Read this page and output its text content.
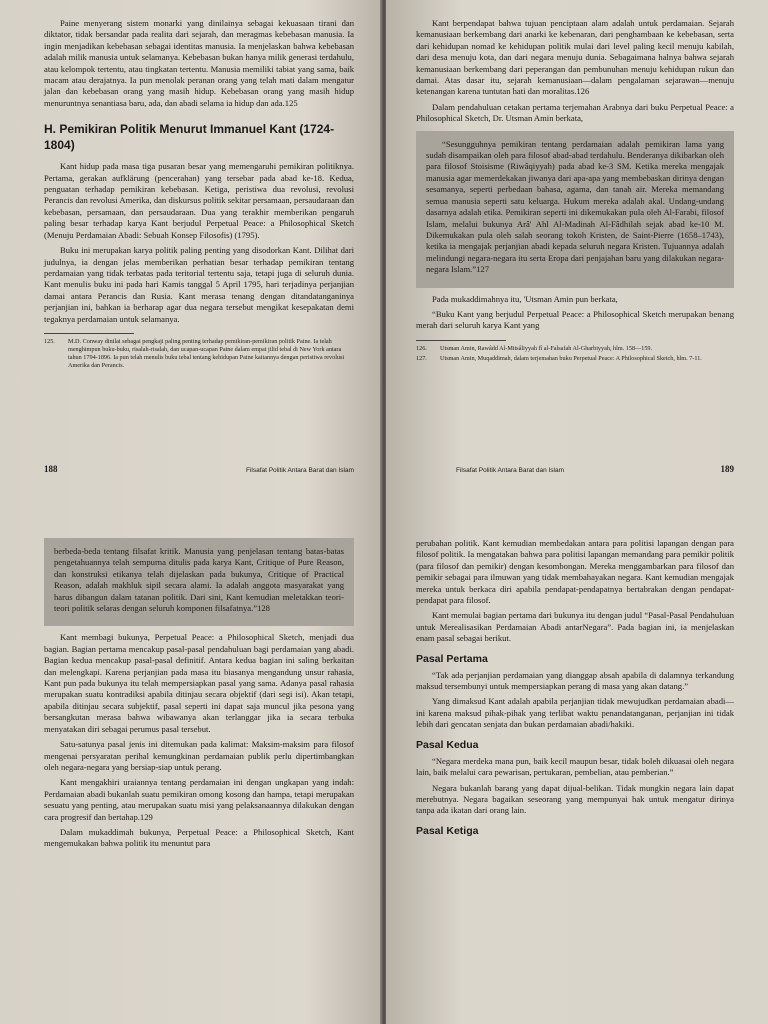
Paine menyerang sistem monarki yang dinilainya sebagai kekuasaan tirani dan diktator, tidak bersandar pada realita dari sejarah, dan meragmas kebebasan manusia. Ia ingin menjadikan kebebasan sebagai identitas manusia. Ia menjelaskan bahwa kebebasan adalah milik manusia untuk selamanya. Kebebasan bukan hanya milik generasi terdahulu, atau kelompok tertentu, atau tingkatan tertentu. Manusia memiliki tabiat yang sama, baik macam atau derajatnya. Ia pun menolak peranan orang yang telah mati dalam mengatur jalan dan kebebasan orang yang masih hidup. Kebebasan orang yang masih hidup menuruntnya senantiasa baru, ada, dan abadi selama ia hidup dan ada.125

H. Pemikiran Politik Menurut Immanuel Kant (1724-1804)

Kant hidup pada masa tiga pusaran besar yang memengaruhi pemikiran politiknya. Pertama, gerakan aufklärung (pencerahan) yang tersebar pada abad ke-18. Kedua, penguatan terhadap pemikiran kebebasan. Ketiga, peristiwa dua revolusi, revolusi Perancis dan revolusi Amerika, dan diskursus politik sekitar persamaan, persaudaraan dan kebebasan, persamaan, dan persaudaraan. Dua yang terakhir memberikan pengaruh paling besar terhadap karya Kant berjudul Perpetual Peace: a Philosophical Sketch (Menuju Perdamaian Abadi: Sebuah Konsep Filosofis) (1795).

Buku ini merupakan karya politik paling penting yang disodorkan Kant. Dilihat dari judulnya, ia dengan jelas memberikan perhatian besar terhadap pemikiran tentang perdamaian yang tidak terbatas pada teritorial tertentu saja, tetapi juga di seluruh dunia. Kant menulis buku ini pada hari Kamis tanggal 5 April 1795, hari terjadinya perjanjian damai antara Perancis dan Rusia. Kant merasa tenang dengan ditandatanganinya perjanjian ini, bahkan ia berharap agar dua negara tersebut mengikat kesepakatan demi tegaknya perdamaian untuk selamanya.

125.	M.D. Conway dinilai sebagai pengkaji paling penting terhadap pemikiran-pemikiran politik Paine. Ia telah menghimpun buku-buku, risalah-risalah, dan ucapan-ucapan Paine dalam empat jilid tebal di New York antara tahun 1794-1896. Ia pun telah menulis buku tebal tentang kehidupan Paine kaitannya dengan peristiwa revolusi Amerika dan Perancis.
188	Filsafat Politik Antara Barat dan Islam

Kant berpendapat bahwa tujuan penciptaan alam adalah untuk perdamaian. Sejarah kemanusiaan berkembang dari anarki ke kebenaran, dari penghambaan ke kebebasan, serta dari kehidupan nomad ke kehidupan politik mulai dari level paling kecil menuju kabilah, dari desa menuju kota, dan dari negara menuju dunia. Sebagaimana halnya bahwa sejarah kemanusiaan berkembang dari peperangan dan pembunuhan menuju kehidupan rukun dan damai. Atas dasar itu, sejarah kemanusiaan—dalam pengalaman sejarawan—menuju ketenangan karena tuntutan hati dan moralitas.126

Dalam pendahuluan cetakan pertama terjemahan Arabnya dari buku Perpetual Peace: a Philosophical Sketch, Dr. Utsman Amin berkata,

“Sesungguhnya pemikiran tentang perdamaian adalah pemikiran lama yang sudah disampaikan oleh para filosof abad-abad terdahulu. Benderanya dikibarkan oleh para filosof Stoisisme (Riwâqiyyah) pada abad ke-3 SM. Ketika mereka mengajak manusia agar memerdekakan jiwanya dari apa-apa yang membebaskan dirinya dengan sesamanya, seperti perbedaan bahasa, agama, dan tanah air. Mereka memandang semua manusia seperti satu keluarga. Hukum mereka adalah akal. Undang-undang dasarnya adalah etika. Pemikiran seperti ini dikemukakan pula oleh Al-Farabi, filosof Islam, melalui bukunya Arâ' Ahl Al-Madinah Al-Fâdhilah sejak abad ke-10 M. Dikemukakan pula oleh salah seorang tokoh Kristen, de Saint-Pierre (1658–1743), ketika ia mengajak perjanjian abadi kepada seluruh negara Kristen. Tujuannya adalah melindungi negara-negara itu serta Eropa dari penjajahan baru yang dilakukan negara-negara Islam.”127

Pada mukaddimahnya itu, 'Utsman Amin pun berkata,

“Buku Kant yang berjudul Perpetual Peace: a Philosophical Sketch merupakan benang merah dari seluruh karya Kant yang

126.	Utsman Amin, Rawâdd Al-Mitsâliyyah fî al-Falsafah Al-Gharbiyyah, hlm. 158—159.
127.	Utsman Amin, Muqaddimah, dalam terjemahan buku Perpetual Peace: A Philosophical Sketch, hlm. 7-11.
Filsafat Politik Antara Barat dan Islam	189

berbeda-beda tentang filsafat kritik. Manusia yang penjelasan tentang batas-batas pengetahuannya telah sempurna ditulis pada karya Kant, Critique of Pure Reason, dan konstruksi etikanya telah dijelaskan pada bukunya, Critique of Practical Reason, adalah makhluk sipil secara alami. Ia adalah anggota masyarakat yang harus dibangun dalam tatanan politik. Dari sini, Kant kemudian meletakkan teori-teori politik selaras dengan seluruh komponen filsafatnya.”128

Kant membagi bukunya, Perpetual Peace: a Philosophical Sketch, menjadi dua bagian. Bagian pertama mencakup pasal-pasal pendahuluan bagi perdamaian yang abadi. Bagian kedua mencakup pasal-pasal definitif. Antara kedua bagian ini saling berkaitan dan melengkapi. Karena perjanjian pada masa itu biasanya mengandung unsur rahasia, Kant pun pada bukunya itu telah mempersiapkan pasal yang sama. Adanya pasal rahasia merupakan suatu kontradiksi apabila ditinjau secara objektif (dari segi isi). Akan tetapi, apabila ditinjau secara subjektif, pasal seperti ini dapat saja muncul jika pesona yang bersangkutan merasa bahwa wibawanya akan terlanggar jika ia secara terbuka menyatakan diri sebagai perumus pasal tersebut.

Satu-satunya pasal jenis ini ditemukan pada kalimat: Maksim-maksim para filosof mengenai persyaratan perihal kemungkinan perdamaian publik perlu dipertimbangkan oleh negara-negara yang bersiap-siap untuk perang.

Kant mengakhiri uraiannya tentang perdamaian ini dengan ungkapan yang indah: Perdamaian abadi bukanlah suatu pemikiran omong kosong dan hampa, tetapi merupakan sesuatu yang penting, atau merupakan suatu misi yang pelaksanaannya dilakukan dengan cara progresif dan bertahap.129

Dalam mukaddimah bukunya, Perpetual Peace: a Philosophical Sketch, Kant mengemukakan bahwa politik itu menuntut para

perubahan politik. Kant kemudian membedakan antara para politisi lapangan dengan para filosof politik. Ia mengatakan bahwa para politisi lapangan memandang para pemikir politik (para filosof dan pemikir) dengan kesombongan. Mereka menggambarkan para filosof dan pemikir sebagai para ilmuwan yang tidak membahayakan negara. Kant kemudian mengajak mereka untuk berkaca diri apabila pendapat-pendapatnya bertabrakan dengan pendapat-pendapat para filosof.

Kant memulai bagian pertama dari bukunya itu dengan judul “Pasal-Pasal Pendahuluan untuk Merealisasikan Perdamaian Abadi antarNegara”. Pada bagian ini, ia menjelaskan enam pasal sebagai berikut.

Pasal Pertama

“Tak ada perjanjian perdamaian yang dianggap absah apabila di dalamnya terkandung maksud tersembunyi untuk mempersiapkan perang di masa yang akan datang.”

Yang dimaksud Kant adalah apabila perjanjian tidak mewujudkan perdamaian abadi—ini karena maksud pihak-pihak yang terlibat waktu penandatanganan, perjanjian ini tidak lebih dari gencatan senjata dan bukan perdamaian abadi/hakiki.

Pasal Kedua

“Negara merdeka mana pun, baik kecil maupun besar, tidak boleh dikuasai oleh negara lain, baik melalui cara pewarisan, pertukaran, pembelian, atau pemberian.”

Negara bukanlah barang yang dapat dijual-belikan. Tidak mungkin negara lain dapat merebutnya. Negara bagaikan seseorang yang mempunyai hak untuk mengatur dirinya tanpa ada ikatan dari orang lain.

Pasal Ketiga
